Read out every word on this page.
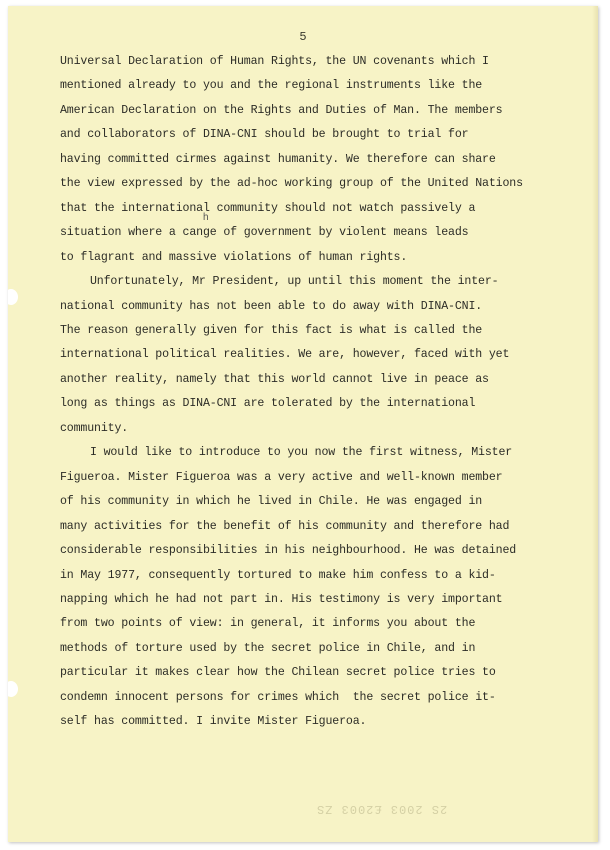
5
h
Universal Declaration of Human Rights, the UN covenants which I
mentioned already to you and the regional instruments like the
American Declaration on the Rights and Duties of Man. The members
and collaborators of DINA-CNI should be brought to trial for
having committed cirmes against humanity. We therefore can share
the view expressed by the ad-hoc working group of the United Nations
that the international community should not watch passively a
situation where a cange of government by violent means leads
to flagrant and massive violations of human rights.
Unfortunately, Mr President, up until this moment the inter-
national community has not been able to do away with DINA-CNI.
The reason generally given for this fact is what is called the
international political realities. We are, however, faced with yet
another reality, namely that this world cannot live in peace as
long as things as DINA-CNI are tolerated by the international
community.
I would like to introduce to you now the first witness, Mister
Figueroa. Mister Figueroa was a very active and well-known member
of his community in which he lived in Chile. He was engaged in
many activities for the benefit of his community and therefore had
considerable responsibilities in his neighbourhood. He was detained
in May 1977, consequently tortured to make him confess to a kid-
napping which he had not part in. His testimony is very important
from two points of view: in general, it informs you about the
methods of torture used by the secret police in Chile, and in
particular it makes clear how the Chilean secret police tries to
condemn innocent persons for crimes which  the secret police it-
self has committed. I invite Mister Figueroa.
2S 2003 £2003 ZS
